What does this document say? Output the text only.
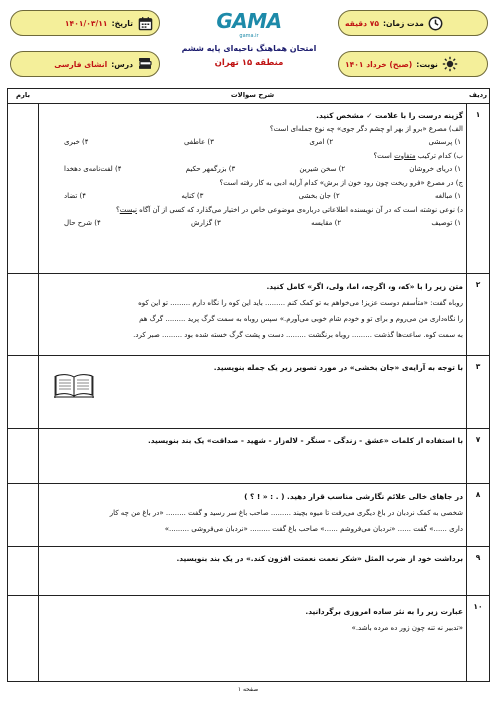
مدت زمان:
۷۵ دقیقه
نوبت:
(صبح) خرداد ۱۴۰۱
تاریخ:
۱۴۰۱/۰۳/۱۱
درس:
انشای فارسی
GAMA
gama.ir
امتحان هماهنگ ناحیه‌ای پایه ششم
منطقه ۱۵ تهران
ردیف
شرح سوالات
بارم
۱
گزینه درست را با علامت ✓ مشخص کنید.
الف) مصرع «برو از بهر او چشم دگر جوی» چه نوع جمله‌ای است؟
۱) پرسشی
۲) امری
۳) عاطفی
۴) خبری
ب) کدام ترکیب متفاوت است؟
۱) دریای خروشان
۲) سخن شیرین
۳) بزرگمهر حکیم
۴) لفت‌نامه‌ی دهخدا
ج) در مصرع «فرو ریخت چون رود خون از برش» کدام آرایه ادبی به کار رفته است؟
۱) مبالغه
۲) جان بخشی
۳) کنایه
۴) تضاد
د) نوعی نوشته است که در آن نویسنده اطلاعاتی درباره‌ی موضوعی خاص در اختیار می‌گذارد که کسی از آن آگاه نیست؟
۱) توصیف
۲) مقایسه
۳) گزارش
۴) شرح حال
۲
متن زیر را با «که، و، اگرچه، اما، ولی، اگر» کامل کنید.
روباه گفت: «متأسفم دوست عزیز! می‌خواهم به تو کمک کنم ......... باید این کوه را نگاه دارم ......... تو این کوه
را نگاه‌داری من می‌روم و برای تو و خودم شام خوبی می‌آورم.» سپس روباه به سمت گرگ پرید ......... گرگ هم
به سمت کوه. ساعت‌ها گذشت ......... روباه برنگشت ......... دست و پشت گرگ خسته شده بود ......... صبر کرد.
۳
با توجه به آرایه‌ی «جان بخشی» در مورد تصویر زیر یک جمله بنویسید.
۷
با استفاده از کلمات «عشق - زندگی - سنگر - لاله‌زار - شهید - صداقت» یک بند بنویسید.
۸
در جاهای خالی علائم نگارشی مناسب قرار دهید. ( . : « ! ؟ )
شخصی به کمک نردبان در باغ دیگری می‌رفت تا میوه بچیند ......... صاحب باغ سر رسید و گفت ......... «در باغ من چه کار
داری ......» گفت ...... «نردبان می‌فروشم ......» صاحب باغ گفت ......... «نردبان می‌فروشی .........»
۹
برداشت خود از ضرب المثل «شکر نعمت نعمتت افزون کند.» در یک بند بنویسید.
۱۰
عبارت زیر را به نثر ساده امروزی برگردانید.
«تدبیر نه تنه چون زور ده مرده باشد.»
صفحه ۱
